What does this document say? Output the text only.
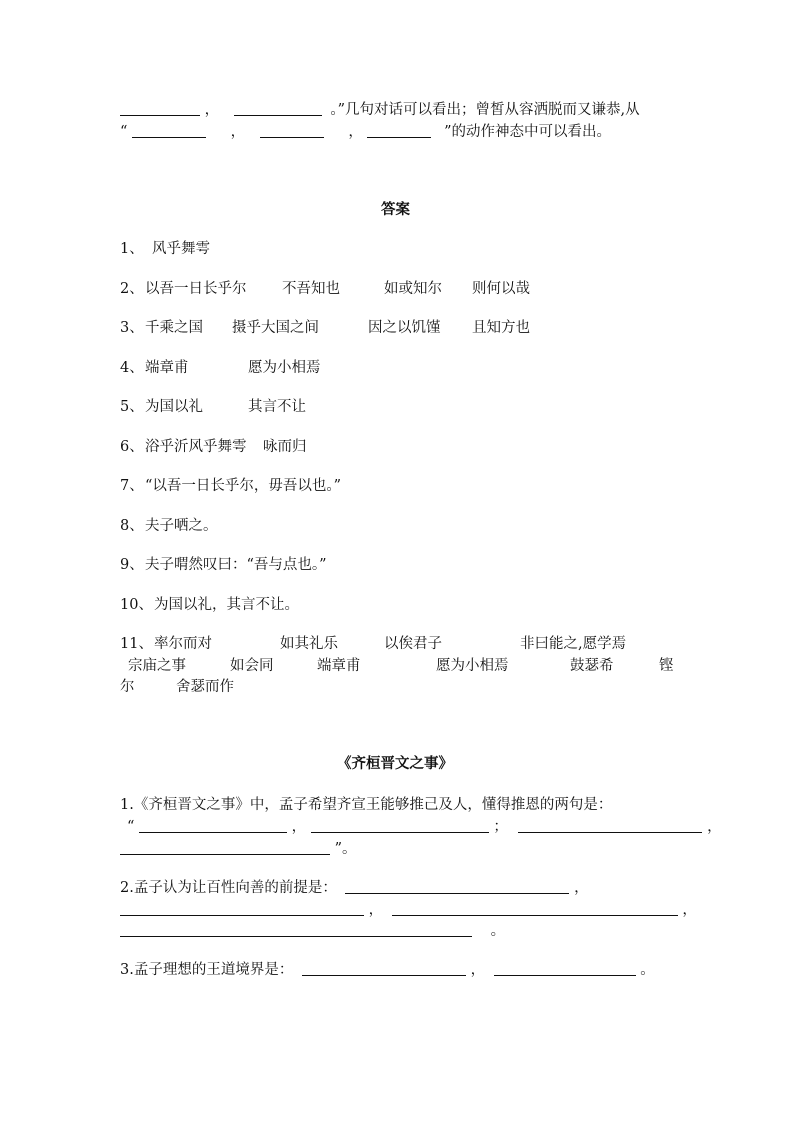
，	。”几句对话可以看出；曾皙从容洒脱而又谦恭,从
“	，	，	”的动作神态中可以看出。
答案
1、 风乎舞雩
2、 以吾一日长乎尔 不吾知也	如或知尔 则何以哉
3、 千乘之国 摄乎大国之间	因之以饥馑 且知方也
4、 端章甫	愿为小相焉
5、 为国以礼	其言不让
6、 浴乎沂风乎舞雩 咏而归
7、 “以吾一日长乎尔，毋吾以也。”
8、 夫子哂之。
9、 夫子喟然叹曰：“吾与点也。”
10、 为国以礼，其言不让。
11、 率尔而对	如其礼乐	以俟君子	非曰能之,愿学焉
宗庙之事	如会同	端章甫	愿为小相焉	鼓瑟希	铿
尔	舍瑟而作
《齐桓晋文之事》
1.《齐桓晋文之事》中，孟子希望齐宣王能够推己及人，懂得推恩的两句是：
“	，	；	，
”。
2.孟子认为让百性向善的前提是：	，
，	，
。
3.孟子理想的王道境界是：	，	。
